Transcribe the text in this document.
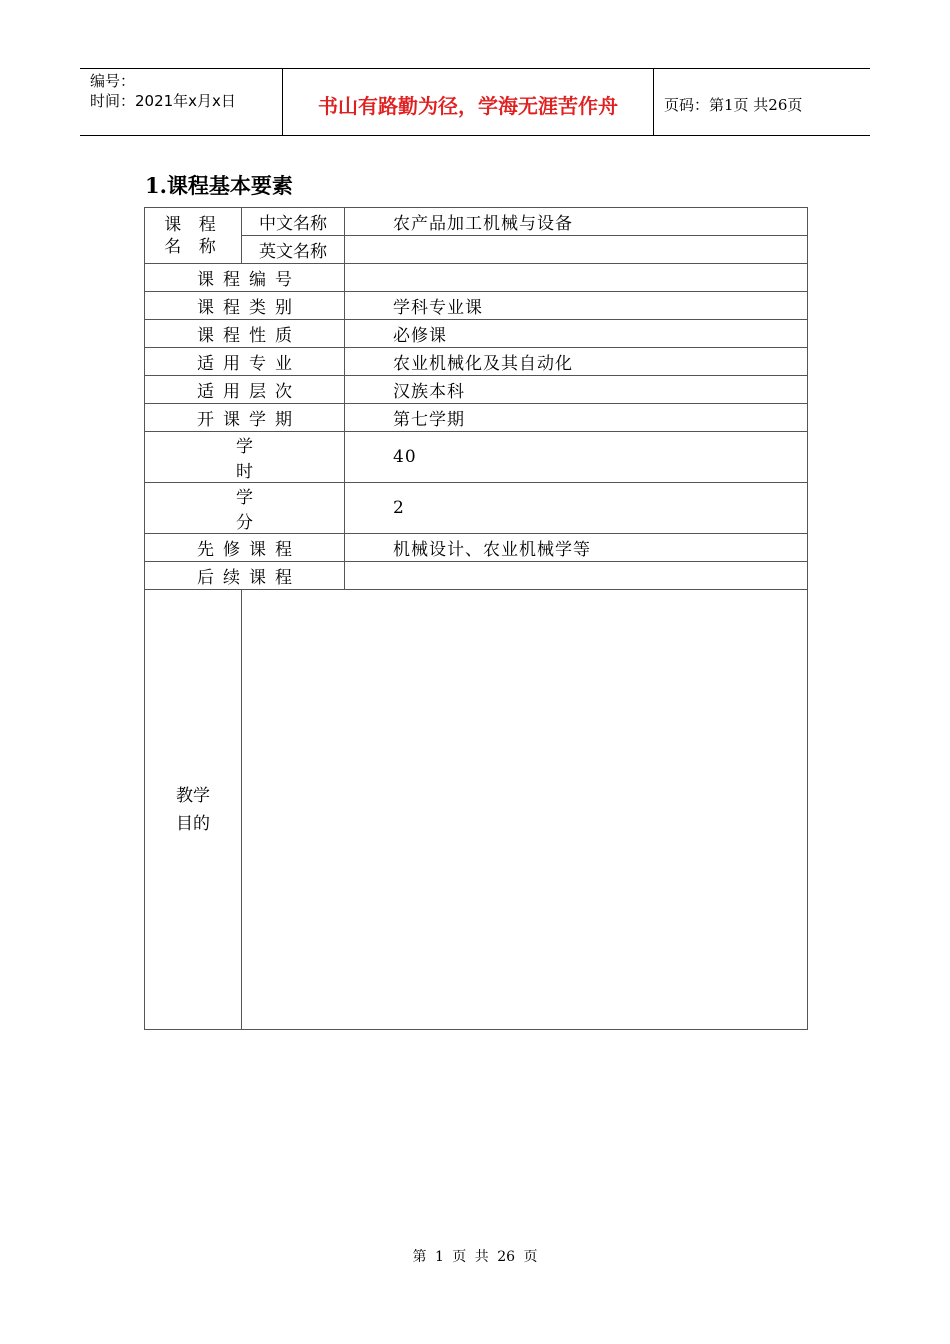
编号：
时间：2021年x月x日	书山有路勤为径，学海无涯苦作舟	页码：第1页 共26页
1.课程基本要素
课 程 名 称	中文名称	农产品加工机械与设备
	英文名称	
课程编号		
课程类别		学科专业课
课程性质		必修课
适用专业		农业机械化及其自动化
适用层次		汉族本科
开课学期		第七学期
学时		40
学分		2
先修课程		机械设计、农业机械学等
后续课程		

教学
目的		

第 1 页 共 26 页
